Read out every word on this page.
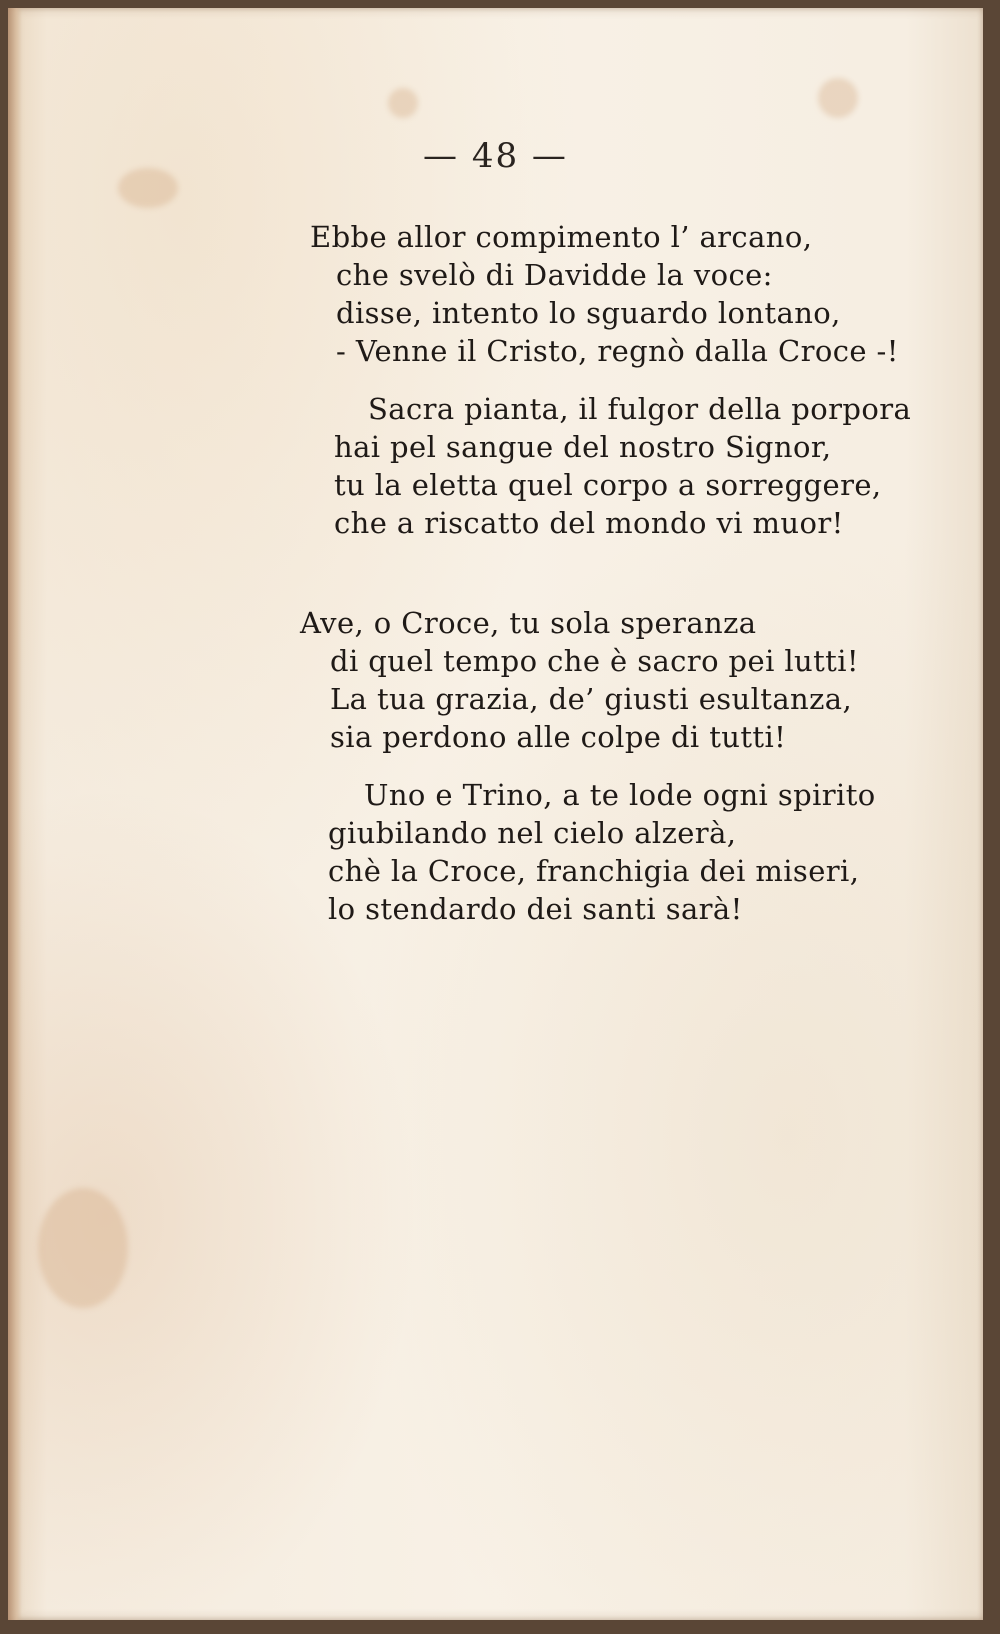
— 48 —
Ebbe allor compimento l’ arcano,
che svelò di Davidde la voce:
disse, intento lo sguardo lontano,
- Venne il Cristo, regnò dalla Croce -!
Sacra pianta, il fulgor della porpora
hai pel sangue del nostro Signor,
tu la eletta quel corpo a sorreggere,
che a riscatto del mondo vi muor!
Ave, o Croce, tu sola speranza
di quel tempo che è sacro pei lutti!
La tua grazia, de’ giusti esultanza,
sia perdono alle colpe di tutti!
Uno e Trino, a te lode ogni spirito
giubilando nel cielo alzerà,
chè la Croce, franchigia dei miseri,
lo stendardo dei santi sarà!
